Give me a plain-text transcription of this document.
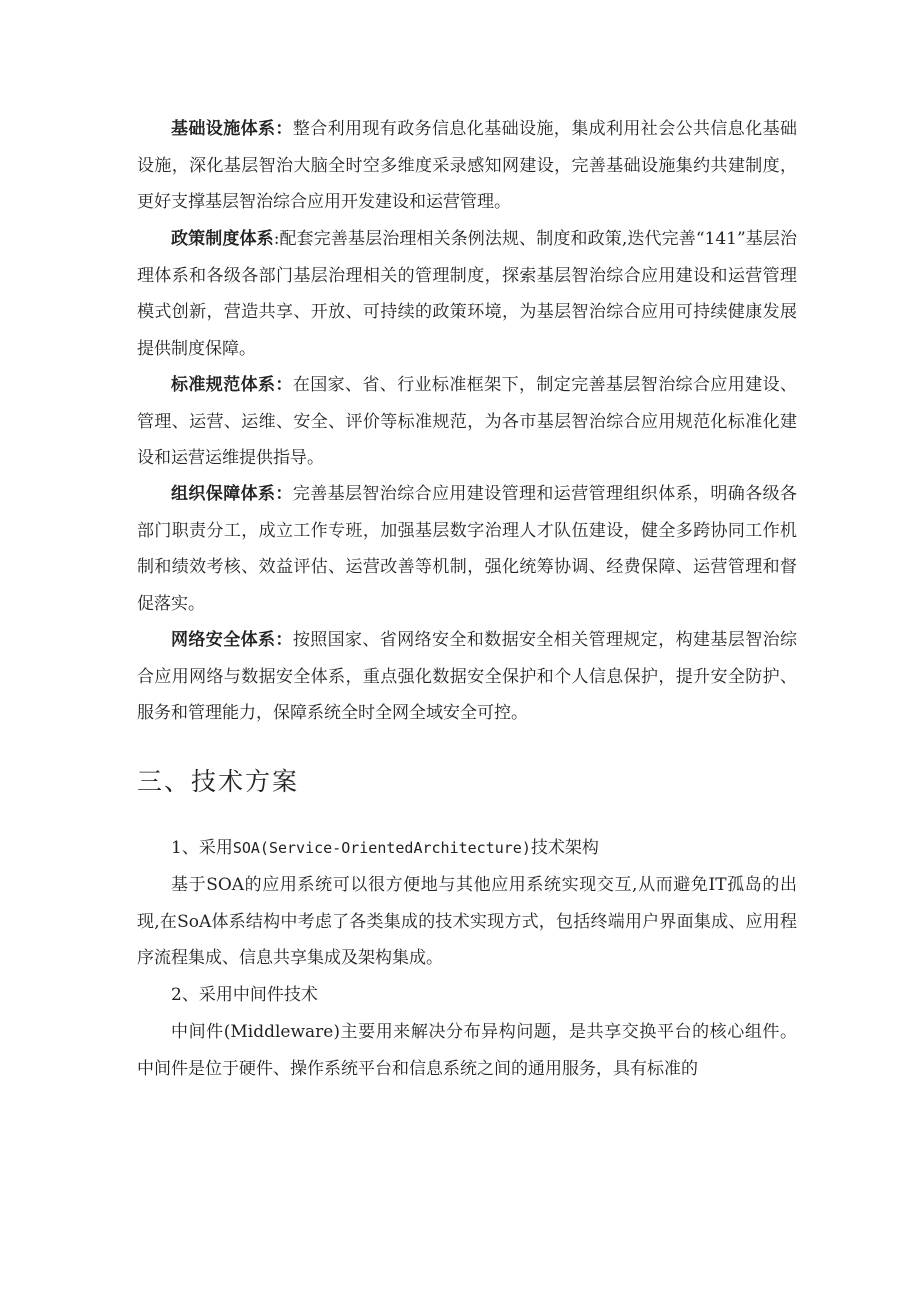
基础设施体系：整合利用现有政务信息化基础设施，集成利用社会公共信息化基础设施，深化基层智治大脑全时空多维度采录感知网建设，完善基础设施集约共建制度，更好支撑基层智治综合应用开发建设和运营管理。

政策制度体系:配套完善基层治理相关条例法规、制度和政策,迭代完善“141”基层治理体系和各级各部门基层治理相关的管理制度，探索基层智治综合应用建设和运营管理模式创新，营造共享、开放、可持续的政策环境，为基层智治综合应用可持续健康发展提供制度保障。

标准规范体系：在国家、省、行业标准框架下，制定完善基层智治综合应用建设、管理、运营、运维、安全、评价等标准规范，为各市基层智治综合应用规范化标准化建设和运营运维提供指导。

组织保障体系：完善基层智治综合应用建设管理和运营管理组织体系，明确各级各部门职责分工，成立工作专班，加强基层数字治理人才队伍建设，健全多跨协同工作机制和绩效考核、效益评估、运营改善等机制，强化统筹协调、经费保障、运营管理和督促落实。

网络安全体系：按照国家、省网络安全和数据安全相关管理规定，构建基层智治综合应用网络与数据安全体系，重点强化数据安全保护和个人信息保护，提升安全防护、服务和管理能力，保障系统全时全网全域安全可控。

三、技术方案

1、采用SOA(Service-OrientedArchitecture)技术架构

基于SOA的应用系统可以很方便地与其他应用系统实现交互,从而避免IT孤岛的出现,在SoA体系结构中考虑了各类集成的技术实现方式，包括终端用户界面集成、应用程序流程集成、信息共享集成及架构集成。

2、采用中间件技术

中间件(Middleware)主要用来解决分布异构问题，是共享交换平台的核心组件。中间件是位于硬件、操作系统平台和信息系统之间的通用服务，具有标准的
